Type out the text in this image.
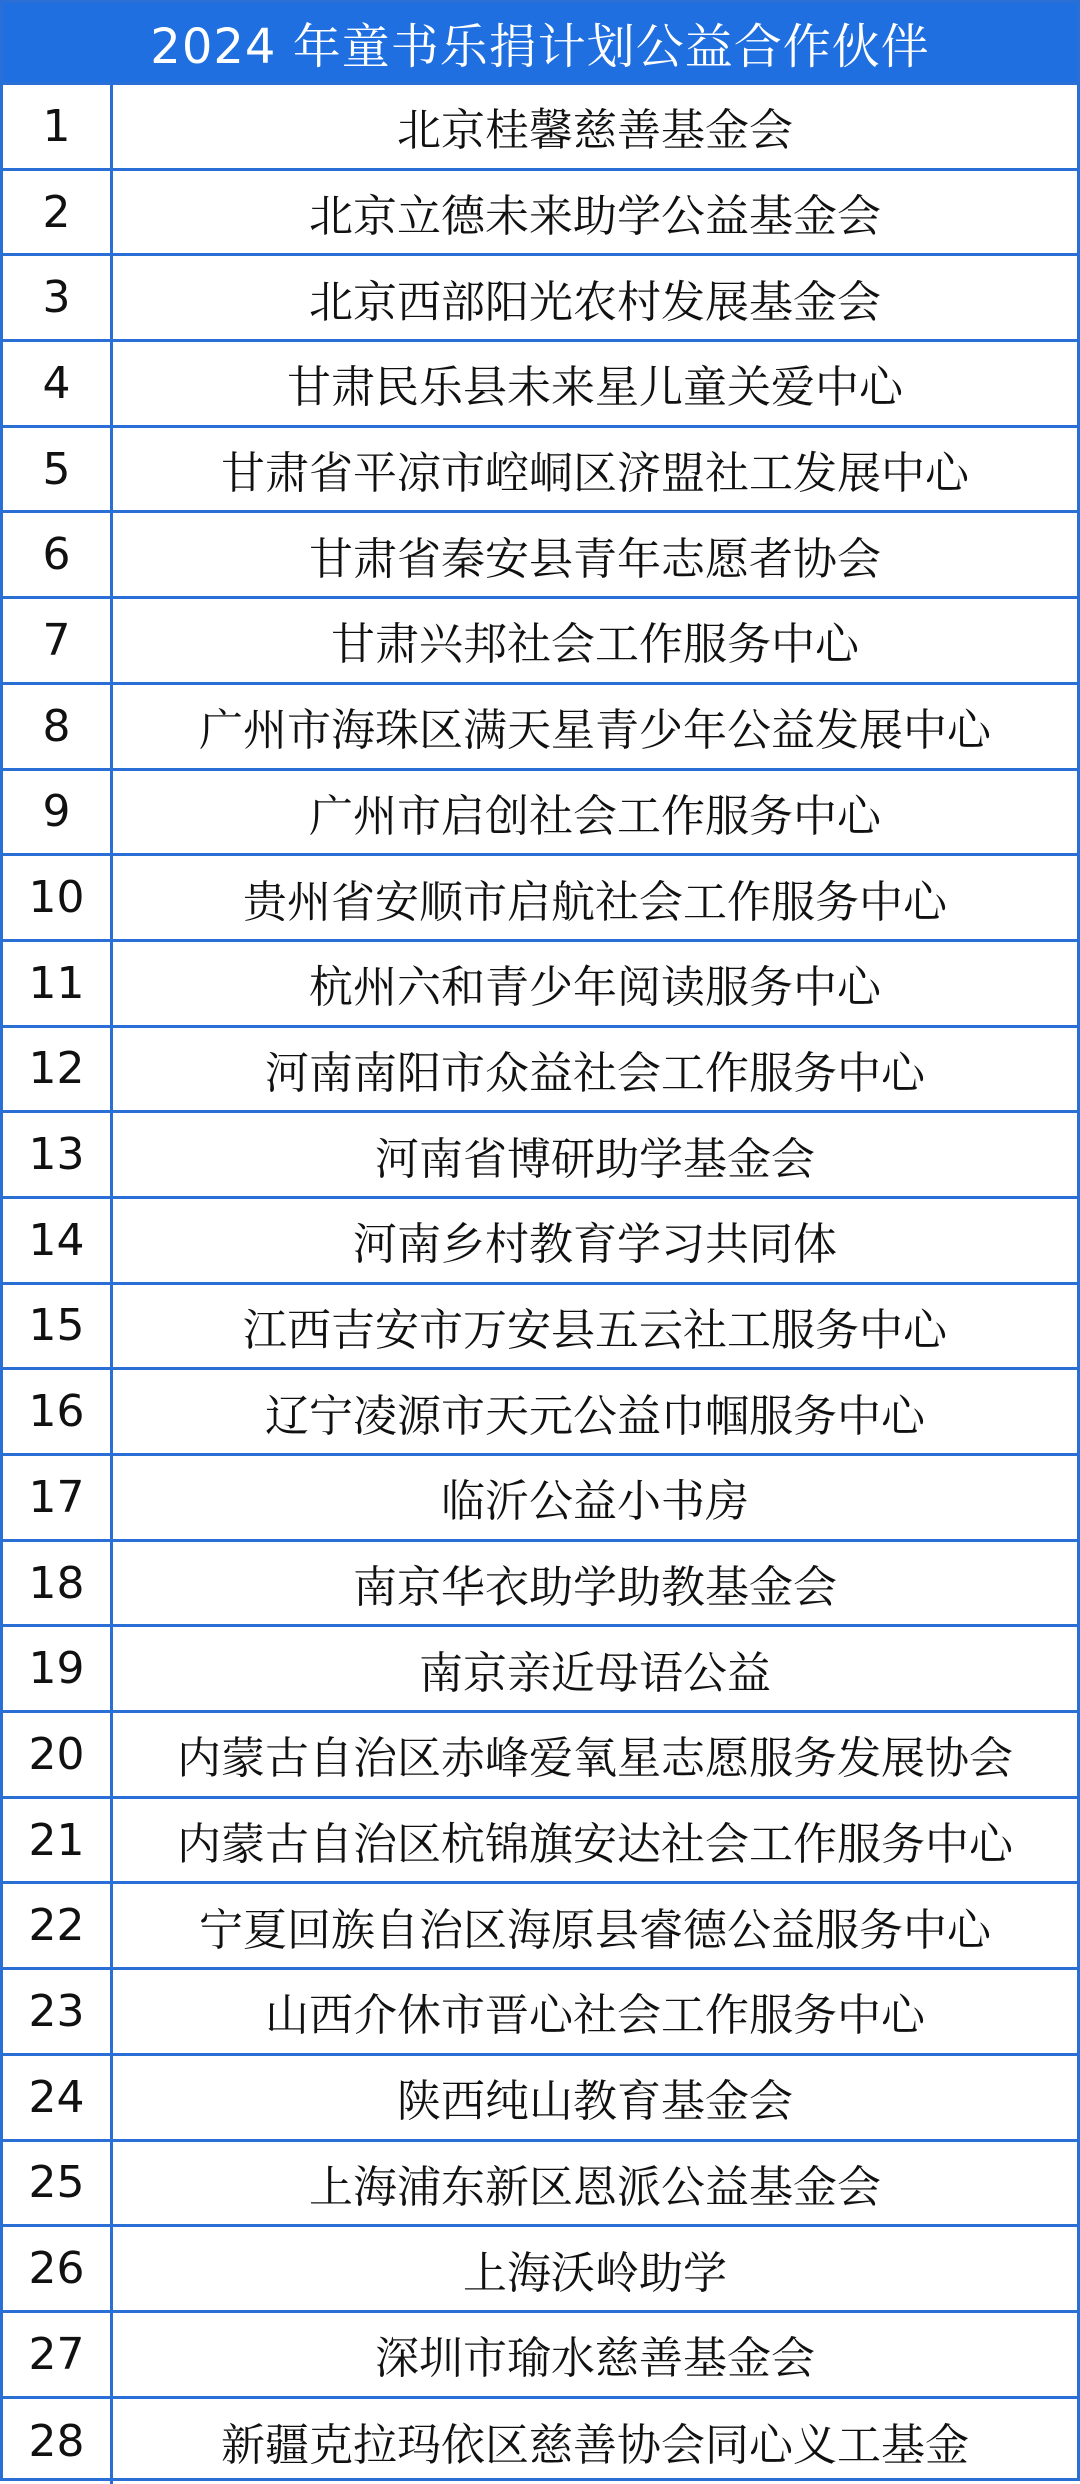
2024 年童书乐捐计划公益合作伙伴
1	北京桂馨慈善基金会
2	北京立德未来助学公益基金会
3	北京西部阳光农村发展基金会
4	甘肃民乐县未来星儿童关爱中心
5	甘肃省平凉市崆峒区济盟社工发展中心
6	甘肃省秦安县青年志愿者协会
7	甘肃兴邦社会工作服务中心
8	广州市海珠区满天星青少年公益发展中心
9	广州市启创社会工作服务中心
10	贵州省安顺市启航社会工作服务中心
11	杭州六和青少年阅读服务中心
12	河南南阳市众益社会工作服务中心
13	河南省博研助学基金会
14	河南乡村教育学习共同体
15	江西吉安市万安县五云社工服务中心
16	辽宁凌源市天元公益巾帼服务中心
17	临沂公益小书房
18	南京华衣助学助教基金会
19	南京亲近母语公益
20	内蒙古自治区赤峰爱氧星志愿服务发展协会
21	内蒙古自治区杭锦旗安达社会工作服务中心
22	宁夏回族自治区海原县睿德公益服务中心
23	山西介休市晋心社会工作服务中心
24	陕西纯山教育基金会
25	上海浦东新区恩派公益基金会
26	上海沃岭助学
27	深圳市瑜水慈善基金会
28	新疆克拉玛依区慈善协会同心义工基金
